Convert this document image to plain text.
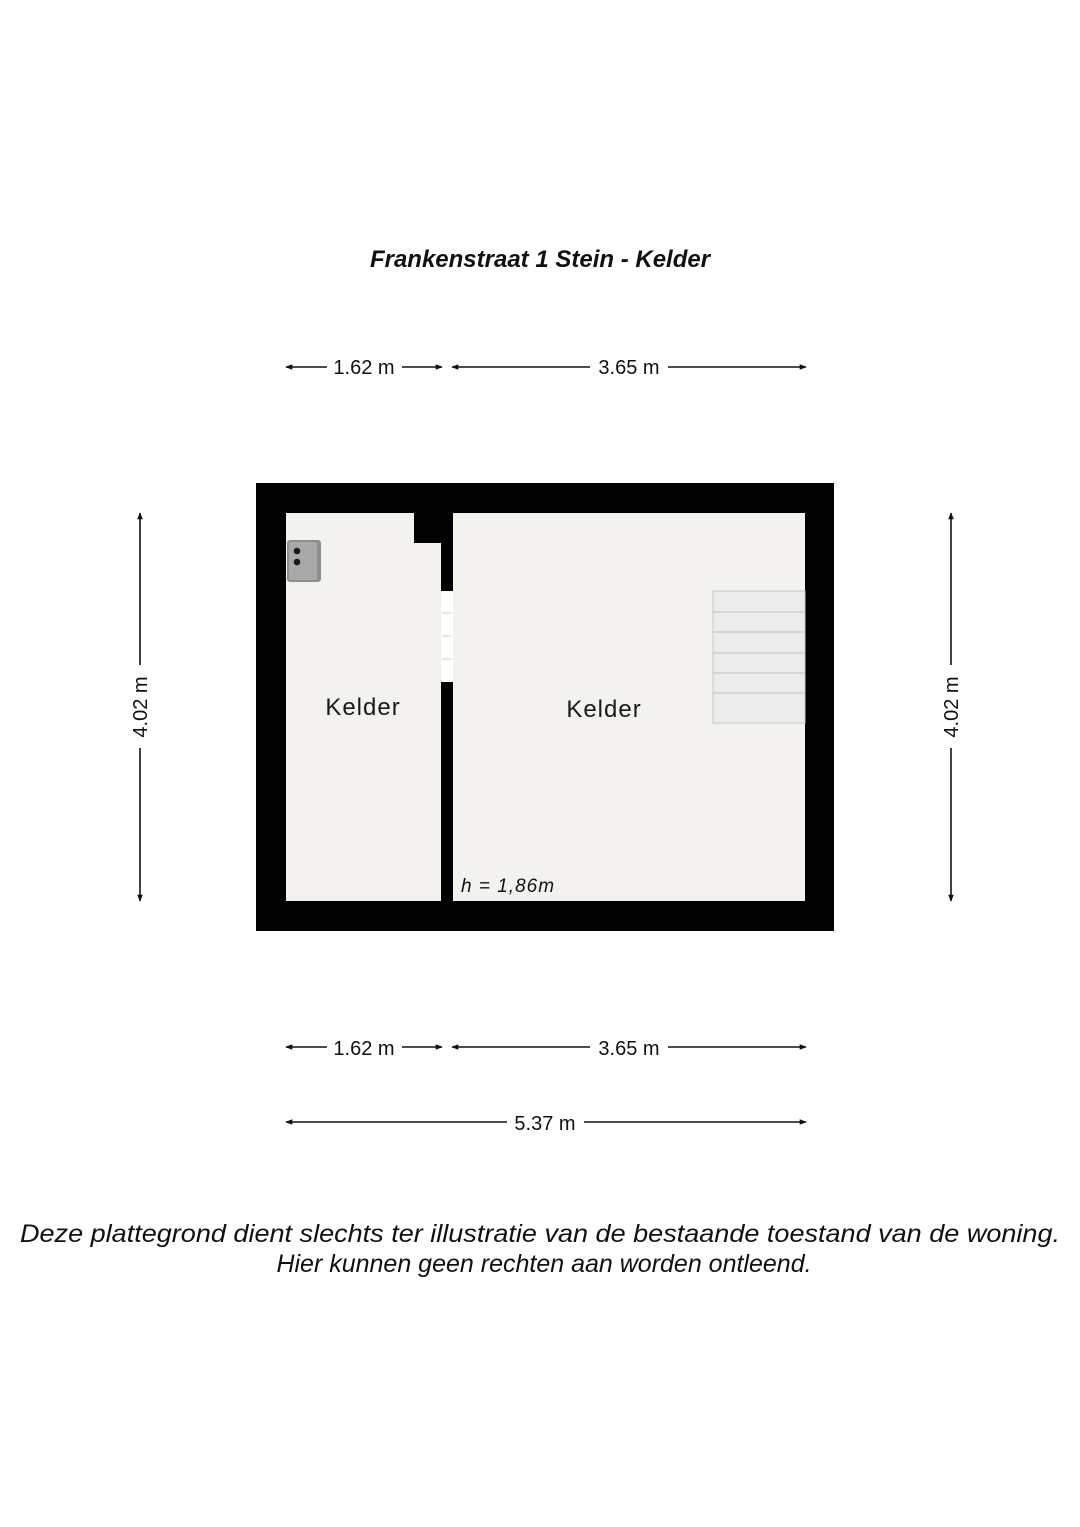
Frankenstraat 1 Stein - Kelder
1.62 m	3.65 m
4.02 m	4.02 m
Kelder	Kelder
h = 1,86m
1.62 m	3.65 m
5.37 m
Deze plattegrond dient slechts ter illustratie van de bestaande toestand van de woning.
Hier kunnen geen rechten aan worden ontleend.
